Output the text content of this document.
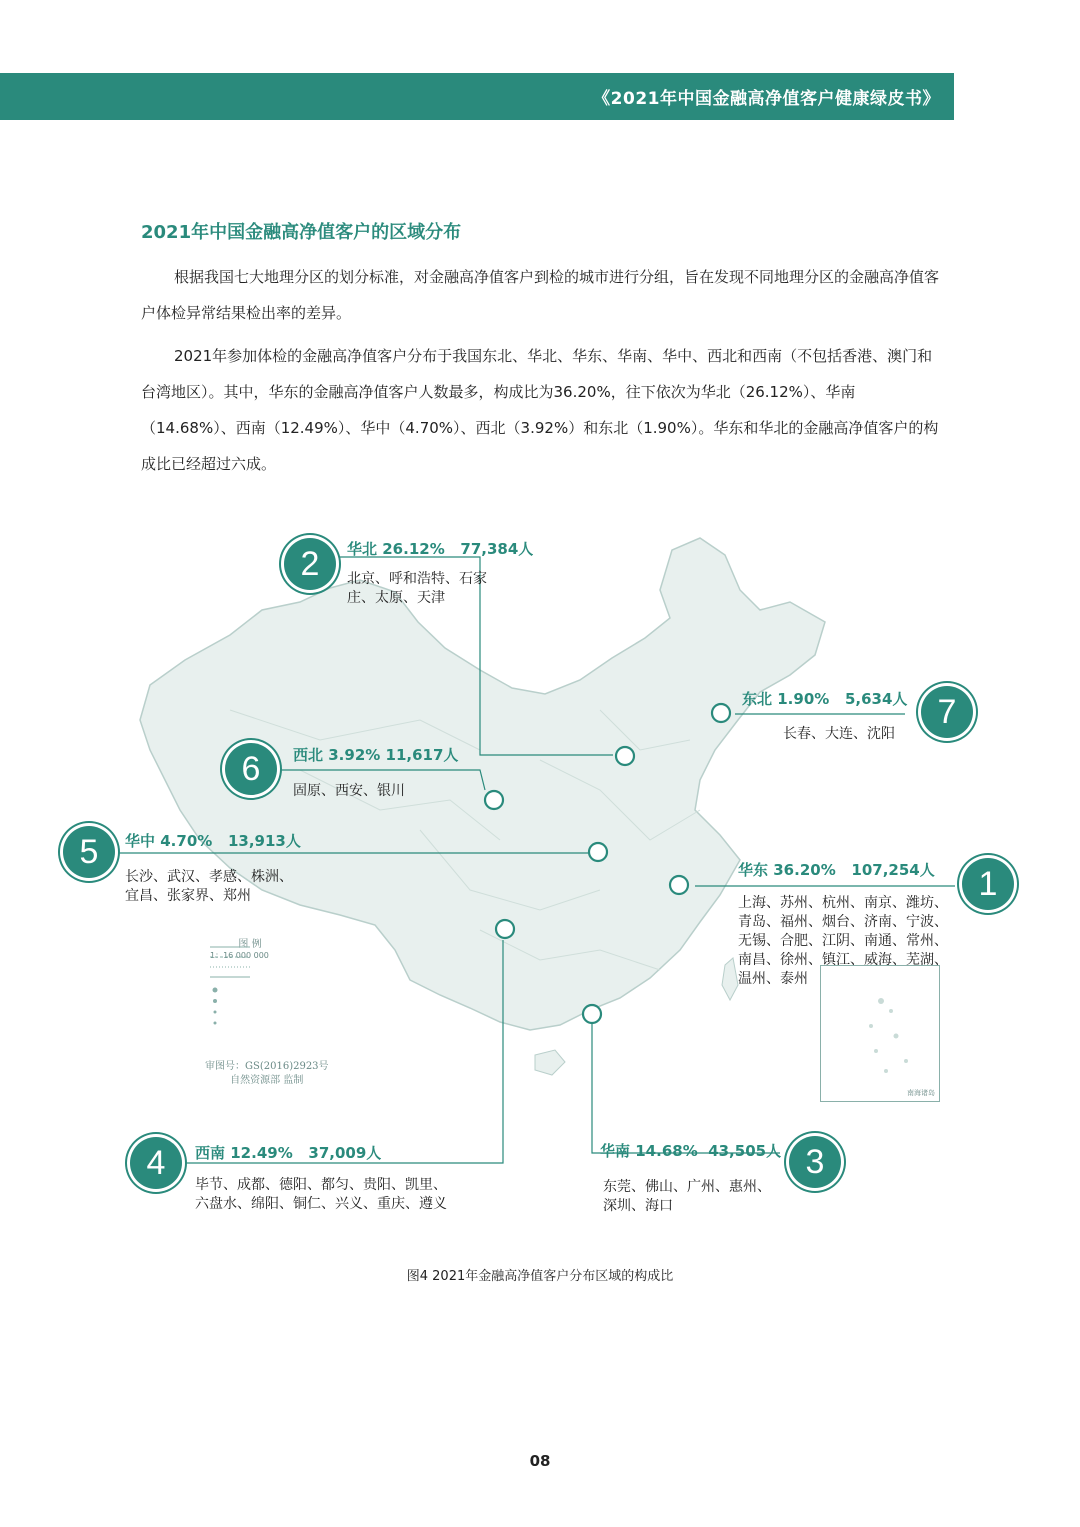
《2021年中国金融高净值客户健康绿皮书》
2021年中国金融高净值客户的区域分布

根据我国七大地理分区的划分标准，对金融高净值客户到检的城市进行分组，旨在发现不同地理分区的金融高净值客户体检异常结果检出率的差异。

2021年参加体检的金融高净值客户分布于我国东北、华北、华东、华南、华中、西北和西南（不包括香港、澳门和台湾地区）。其中，华东的金融高净值客户人数最多，构成比为36.20%，往下依次为华北（26.12%）、华南（14.68%）、西南（12.49%）、华中（4.70%）、西北（3.92%）和东北（1.90%）。华东和华北的金融高净值客户的构成比已经超过六成。

2	华北 26.12% 77,384人
北京、呼和浩特、石家庄、太原、天津
6	西北 3.92% 11,617人
固原、西安、银川
5	华中 4.70% 13,913人
长沙、武汉、孝感、株洲、宜昌、张家界、郑州
东北 1.90% 5,634人
长春、大连、沈阳
7
华东 36.20% 107,254人
上海、苏州、杭州、南京、潍坊、青岛、福州、烟台、济南、宁波、无锡、合肥、江阴、南通、常州、南昌、徐州、镇江、威海、芜湖、温州、泰州
1
4	西南 12.49% 37,009人
毕节、成都、德阳、都匀、贵阳、凯里、六盘水、绵阳、铜仁、兴义、重庆、遵义
华南 14.68% 43,505人
东莞、佛山、广州、惠州、深圳、海口
3
图 例
1：16 000 000
审图号：GS(2016)2923号
自然资源部 监制
南海诸岛
图4 2021年金融高净值客户分布区域的构成比
08
